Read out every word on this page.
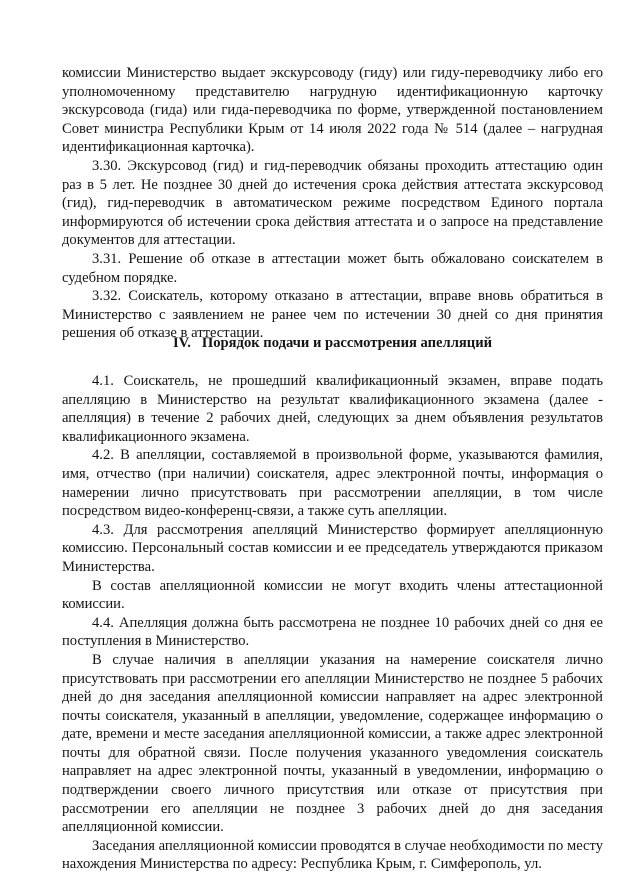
комиссии Министерство выдает экскурсоводу (гиду) или гиду-переводчику либо его уполномоченному представителю нагрудную идентификационную карточку экскурсовода (гида) или гида-переводчика по форме, утвержденной постановлением Совет министра Республики Крым от 14 июля 2022 года № 514 (далее – нагрудная идентификационная карточка).

3.30. Экскурсовод (гид) и гид-переводчик обязаны проходить аттестацию один раз в 5 лет. Не позднее 30 дней до истечения срока действия аттестата экскурсовод (гид), гид-переводчик в автоматическом режиме посредством Единого портала информируются об истечении срока действия аттестата и о запросе на представление документов для аттестации.

3.31. Решение об отказе в аттестации может быть обжаловано соискателем в судебном порядке.

3.32. Соискатель, которому отказано в аттестации, вправе вновь обратиться в Министерство с заявлением не ранее чем по истечении 30 дней со дня принятия решения об отказе в аттестации.

IV.   Порядок подачи и рассмотрения апелляций

4.1. Соискатель, не прошедший квалификационный экзамен, вправе подать апелляцию в Министерство на результат квалификационного экзамена (далее - апелляция) в течение 2 рабочих дней, следующих за днем объявления результатов квалификационного экзамена.

4.2. В апелляции, составляемой в произвольной форме, указываются фамилия, имя, отчество (при наличии) соискателя, адрес электронной почты, информация о намерении лично присутствовать при рассмотрении апелляции, в том числе посредством видео-конференц-связи, а также суть апелляции.

4.3. Для рассмотрения апелляций Министерство формирует апелляционную комиссию. Персональный состав комиссии и ее председатель утверждаются приказом Министерства.

В состав апелляционной комиссии не могут входить члены аттестационной комиссии.

4.4. Апелляция должна быть рассмотрена не позднее 10 рабочих дней со дня ее поступления в Министерство.

В случае наличия в апелляции указания на намерение соискателя лично присутствовать при рассмотрении его апелляции Министерство не позднее 5 рабочих дней до дня заседания апелляционной комиссии направляет на адрес электронной почты соискателя, указанный в апелляции, уведомление, содержащее информацию о дате, времени и месте заседания апелляционной комиссии, а также адрес электронной почты для обратной связи. После получения указанного уведомления соискатель направляет на адрес электронной почты, указанный в уведомлении, информацию о подтверждении своего личного присутствия или отказе от присутствия при рассмотрении его апелляции не позднее 3 рабочих дней до дня заседания апелляционной комиссии.

Заседания апелляционной комиссии проводятся в случае необходимости по месту нахождения Министерства по адресу: Республика Крым, г. Симферополь, ул.
